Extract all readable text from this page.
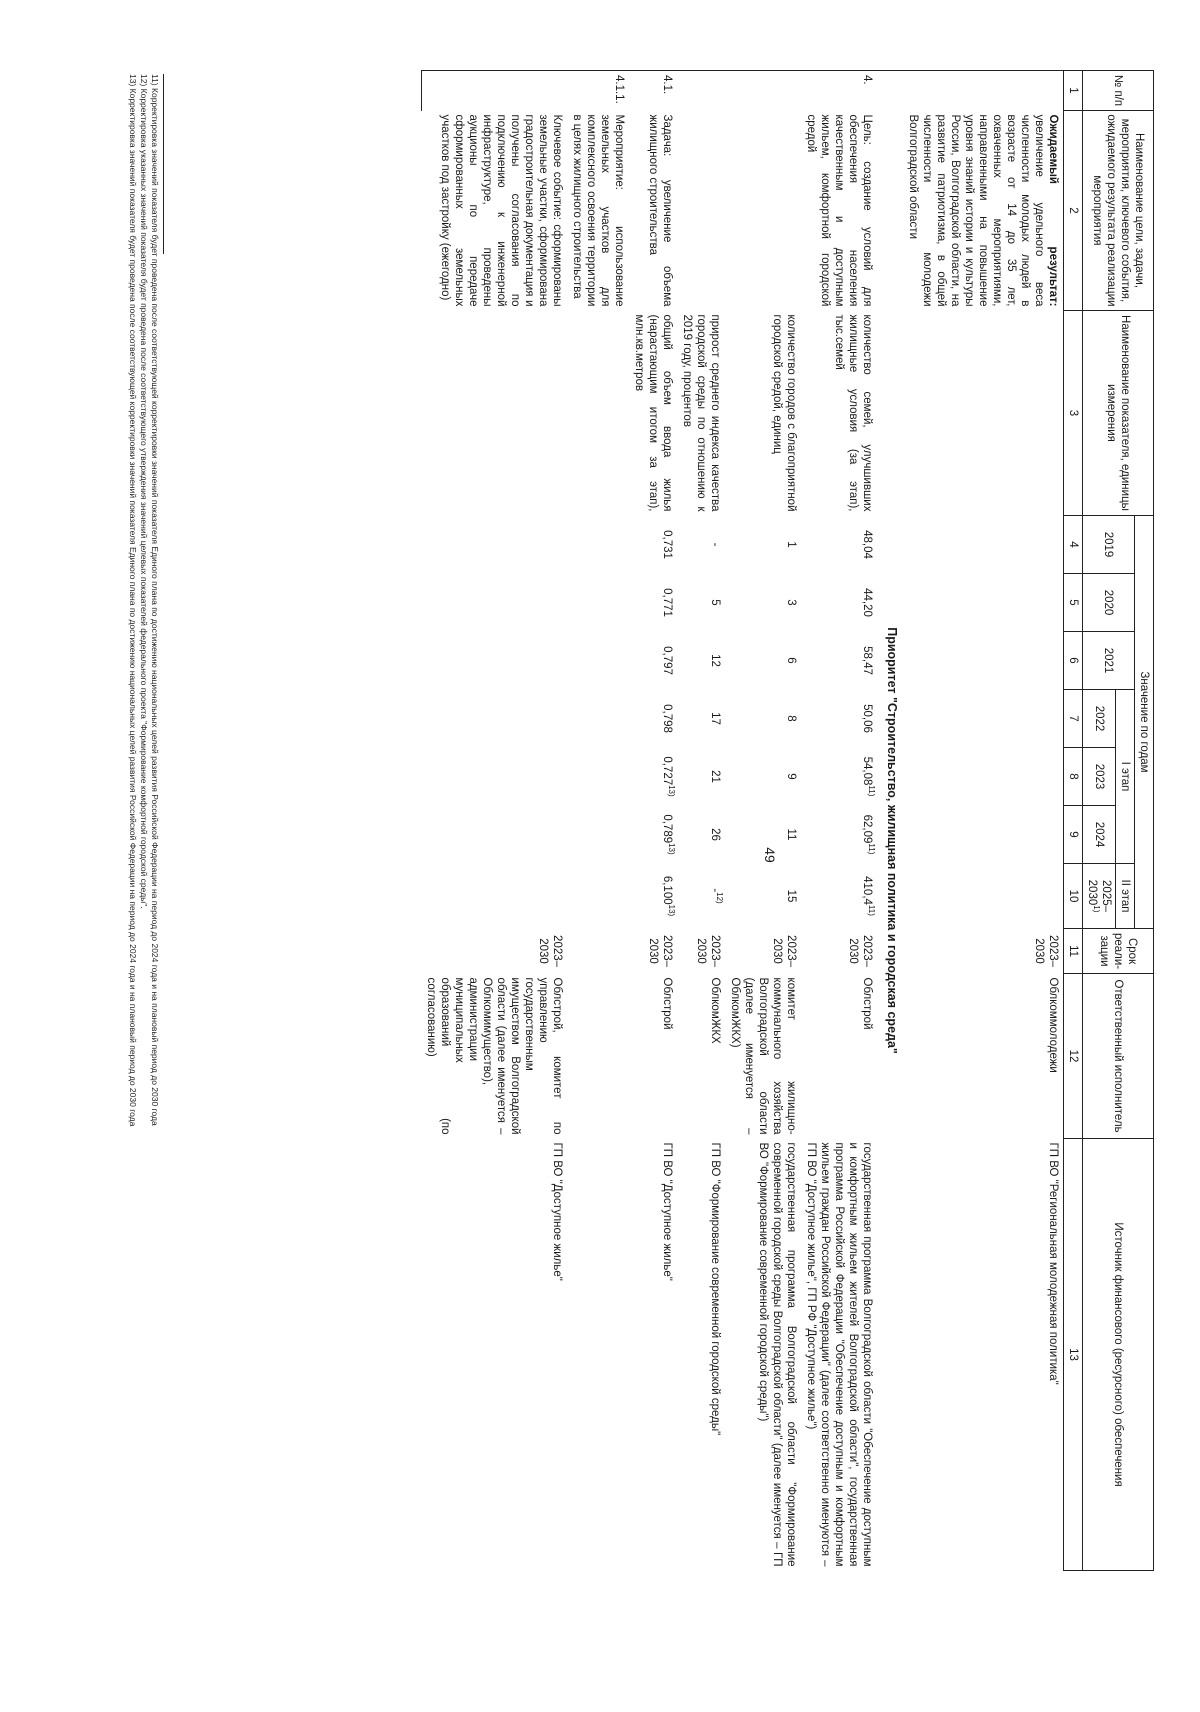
49
№ п/п	Наименование цели, задачи, мероприятия, ключевого события, ожидаемого результата реализации мероприятия	Наименование показателя, единицы измерения	Значение по годам							Срок реали-зации	Ответственный исполнитель	Источник финансового (ресурсного) обеспечения
			2019	2020	2021	I этап			II этап			
						2022	2023	2024	2025–2030$^{1)}$
1	2	3	4	5	6	7	8	9	10	11	12	13
	Ожидаемый результат: увеличение удельного веса численности молодых людей в возрасте от 14 до 35 лет, охваченных мероприятиями, направленными на повышение уровня знаний истории и культуры России, Волгоградской области, на развитие патриотизма, в общей численности молодежи Волгоградской области									2023–2030	Облкоммолодежи	ГП ВО "Региональная молодежная политика"
	Приоритет "Строительство, жилищная политика и городская среда"											
4.	Цель: создание условий для обеспечения населения качественным и доступным жильем, комфортной городской средой	количество семей, улучшивших жилищные условия (за этап), тыс.семей	48,04	44,20	58,47	50,06	54,08$^{11)}$	62,09$^{11)}$	410,4$^{11)}$	2023–2030	Облстрой	государственная программа Волгоградской области "Обеспечение доступным и комфортным жильем жителей Волгоградской области", государственная программа Российской Федерации "Обеспечение доступным и комфортным жильем граждан Российской Федерации" (далее соответственно именуются – ГП ВО "Доступное жилье", ГП РФ "Доступное жилье")
		количество городов с благоприятной городской средой, единиц	1	3	6	8	9	11	15	2023–2030	комитет жилищно-коммунального хозяйства Волгоградской области (далее именуется – ОблкомЖКХ)	государственная программа Волгоградской области "Формирование современной городской среды Волгоградской области" (далее именуется – ГП ВО "Формирование современной городской среды")
		прирост среднего индекса качества городской среды по отношению к 2019 году, процентов	-	5	12	17	21	26	-$^{12)}$	2023–2030	ОблкомЖКХ	ГП ВО "Формирование современной городской среды"
4.1.	Задача: увеличение объема жилищного строительства	общий объем ввода жилья (нарастающим итогом за этап), млн.кв.метров	0,731	0,771	0,797	0,798	0,727$^{13)}$	0,789$^{13)}$	6,100$^{13)}$	2023–2030	Облстрой	ГП ВО "Доступное жилье"
4.1.1.	Мероприятие: использование земельных участков для комплексного освоения территории в целях жилищного строительства											
	Ключевое событие: сформированы земельные участки, сформирована градостроительная документация и получены согласования по подключению к инженерной инфраструктуре, проведены аукционы по передаче сформированных земельных участков под застройку (ежегодно)									2023–2030	Облстрой, комитет по управлению государственным имуществом Волгоградской области (далее именуется – Облкомимущество), администрации муниципальных образований (по согласованию)	ГП ВО "Доступное жилье"
11) Корректировка значений показателя будет проведена после соответствующей корректировки значений показателя Единого плана по достижению национальных целей развития Российской Федерации на период до 2024 года и на плановый период до 2030 года
12) Корректировка указанных значений показателя будет проведена после соответствующего утверждения значений целевых показателей федерального проекта "Формирование комфортной городской среды".
13) Корректировка значений показателя будет проведена после соответствующей корректировки значений показателя Единого плана по достижению национальных целей развития Российской Федерации на период до 2024 года и на плановый период до 2030 года
